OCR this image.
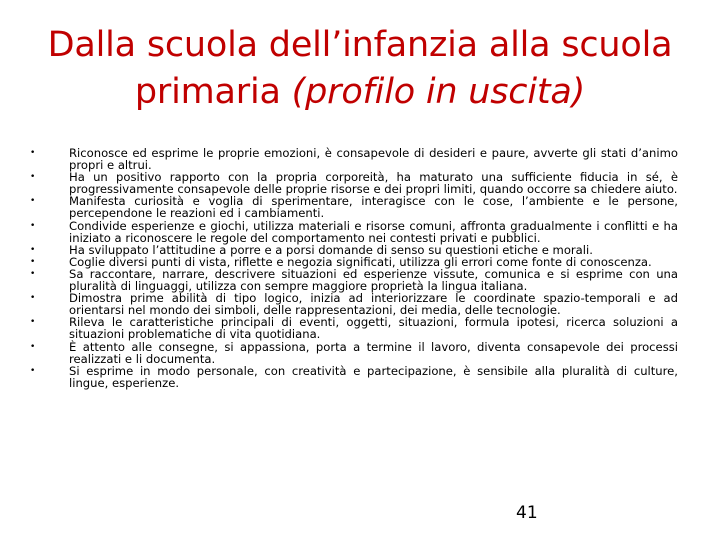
Dalla scuola dell’infanzia alla scuola
primaria (profilo in uscita)
•	Riconosce ed esprime le proprie emozioni, è consapevole di desideri e paure, avverte gli stati d’animo propri e altrui.
•	Ha un positivo rapporto con la propria corporeità, ha maturato una sufficiente fiducia in sé, è progressivamente consapevole delle proprie risorse e dei propri limiti, quando occorre sa chiedere aiuto.
•	Manifesta curiosità e voglia di sperimentare, interagisce con le cose, l’ambiente e le persone, percependone le reazioni ed i cambiamenti.
•	Condivide esperienze e giochi, utilizza materiali e risorse comuni, affronta gradualmente i conflitti e ha iniziato a riconoscere le regole del comportamento nei contesti privati e pubblici.
•	Ha sviluppato l’attitudine a porre e a porsi domande di senso su questioni etiche e morali.
•	Coglie diversi punti di vista, riflette e negozia significati, utilizza gli errori come fonte di conoscenza.
•	Sa raccontare, narrare, descrivere situazioni ed esperienze vissute, comunica e si esprime con una pluralità di linguaggi, utilizza con sempre maggiore proprietà la lingua italiana.
•	Dimostra prime abilità di tipo logico, inizia ad interiorizzare le coordinate spazio-temporali e ad orientarsi nel mondo dei simboli, delle rappresentazioni, dei media, delle tecnologie.
•	Rileva le caratteristiche principali di eventi, oggetti, situazioni, formula ipotesi, ricerca soluzioni a situazioni problematiche di vita quotidiana.
•	È attento alle consegne, si appassiona, porta a termine il lavoro, diventa consapevole dei processi realizzati e li documenta.
•	Si esprime in modo personale, con creatività e partecipazione, è sensibile alla pluralità di culture, lingue, esperienze.
41
